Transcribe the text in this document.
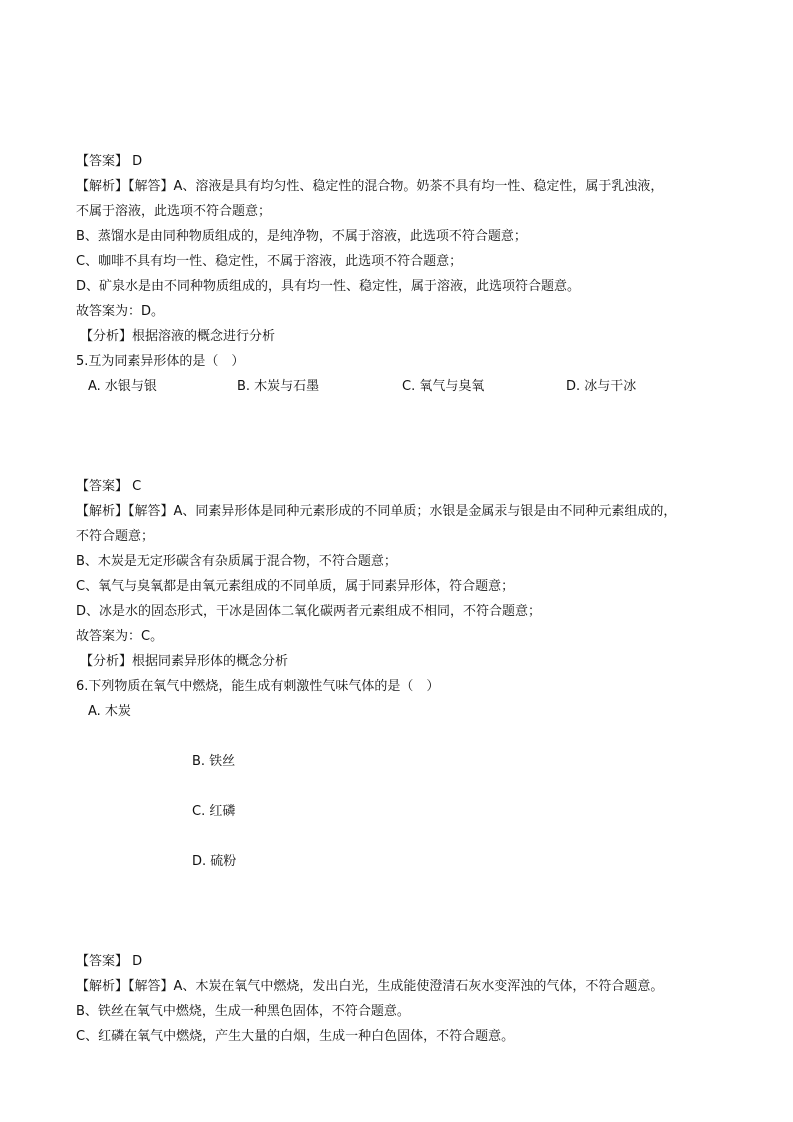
【答案】 D
【解析】【解答】A、溶液是具有均匀性、稳定性的混合物。奶茶不具有均一性、稳定性，属于乳浊液，
不属于溶液，此选项不符合题意；
B、蒸馏水是由同种物质组成的，是纯净物，不属于溶液，此选项不符合题意；
C、咖啡不具有均一性、稳定性，不属于溶液，此选项不符合题意；
D、矿泉水是由不同种物质组成的，具有均一性、稳定性，属于溶液，此选项符合题意。
故答案为：D。
【分析】根据溶液的概念进行分析
5.互为同素异形体的是（　）
A. 水银与银	B. 木炭与石墨	C. 氧气与臭氧	D. 冰与干冰
【答案】 C
【解析】【解答】A、同素异形体是同种元素形成的不同单质；水银是金属汞与银是由不同种元素组成的，
不符合题意；
B、木炭是无定形碳含有杂质属于混合物，不符合题意；
C、氧气与臭氧都是由氧元素组成的不同单质，属于同素异形体，符合题意；
D、冰是水的固态形式，干冰是固体二氧化碳两者元素组成不相同，不符合题意；
故答案为：C。
【分析】根据同素异形体的概念分析
6.下列物质在氧气中燃烧，能生成有刺激性气味气体的是（　）
A. 木炭
B. 铁丝
C. 红磷
D. 硫粉
【答案】 D
【解析】【解答】A、木炭在氧气中燃烧，发出白光，生成能使澄清石灰水变浑浊的气体，不符合题意。
B、铁丝在氧气中燃烧，生成一种黑色固体，不符合题意。
C、红磷在氧气中燃烧，产生大量的白烟，生成一种白色固体，不符合题意。
